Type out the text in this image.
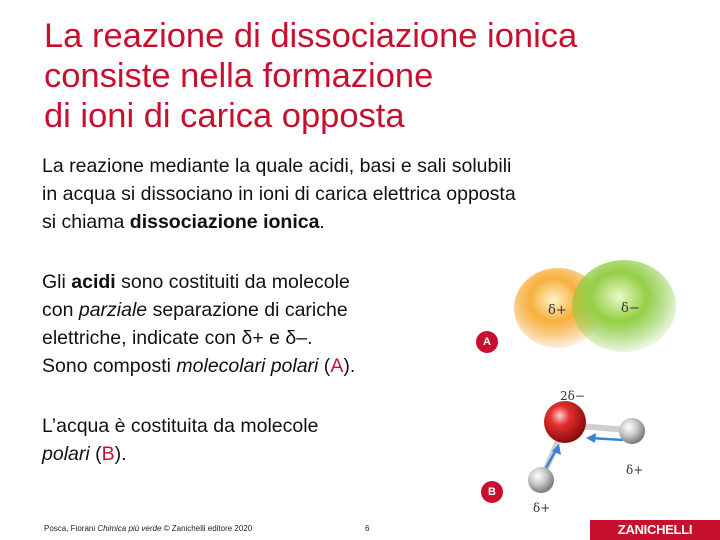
La reazione di dissociazione ionica
consiste nella formazione
di ioni di carica opposta

La reazione mediante la quale acidi, basi e sali solubili
in acqua si dissociano in ioni di carica elettrica opposta
si chiama dissociazione ionica.

Gli acidi sono costituiti da molecole
con parziale separazione di cariche
elettriche, indicate con δ+ e δ–.
Sono composti molecolari polari (A).

L’acqua è costituita da molecole
polari (B).

δ+	δ−
A
2δ−
δ+
δ+
B
Posca, Fiorani Chimica più verde © Zanichelli editore 2020	6	ZANICHELLI
